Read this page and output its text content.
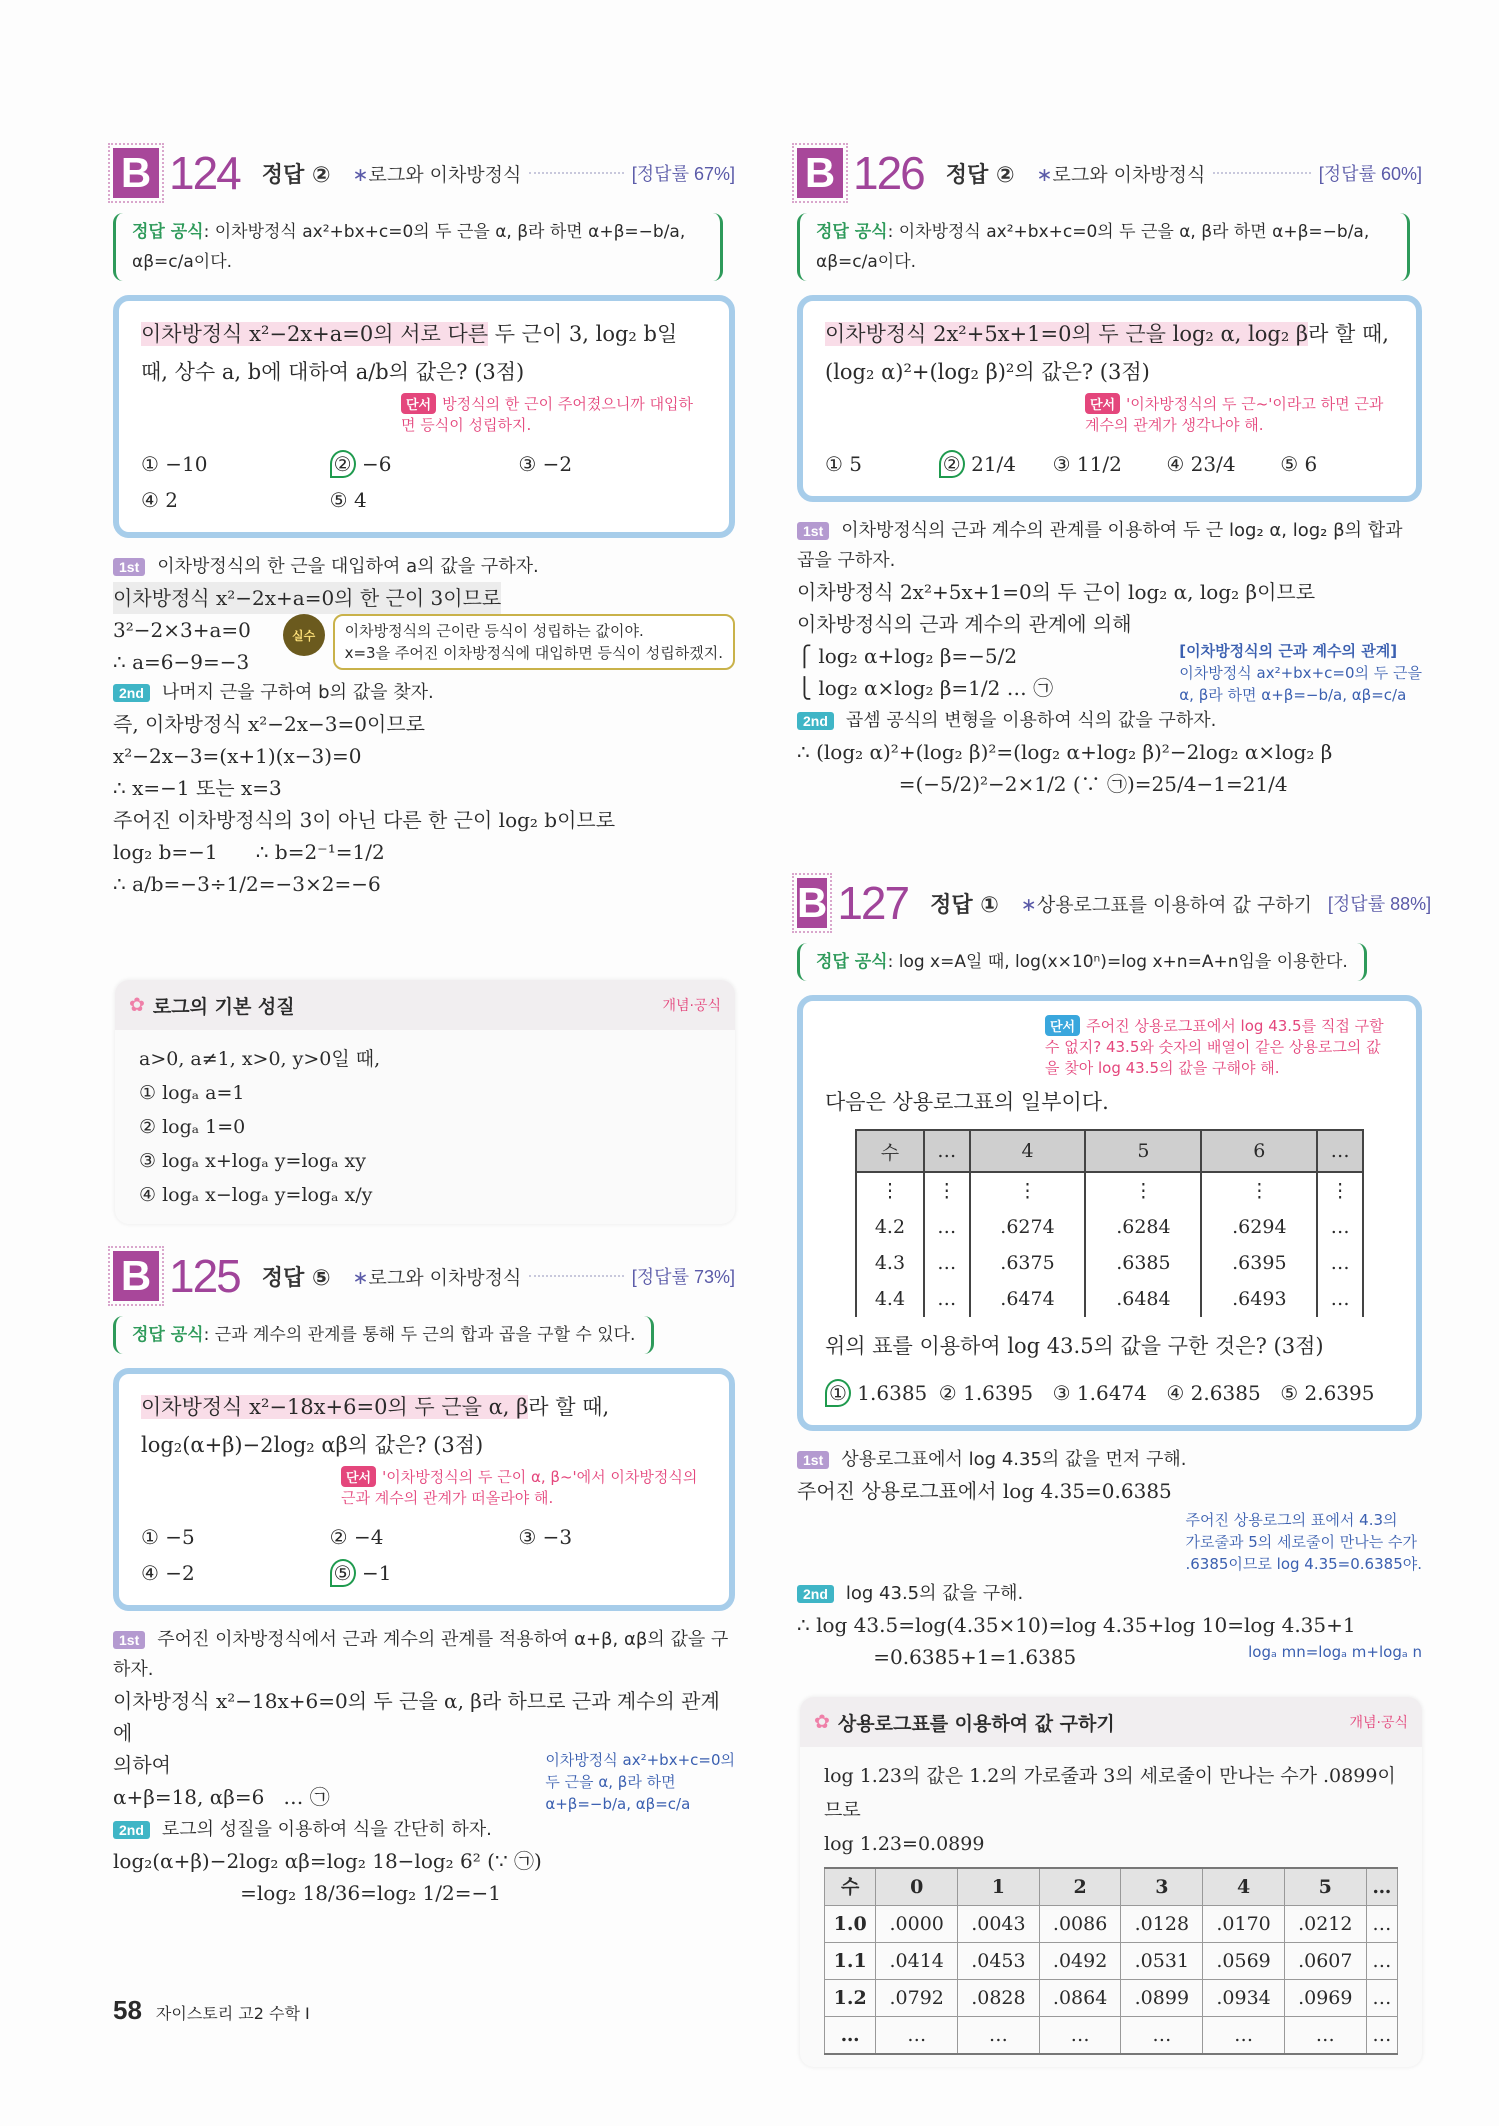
B 124 정답 ② ∗로그와 이차방정식	[정답률 67%]
정답 공식: 이차방정식 ax²+bx+c=0의 두 근을 α, β라 하면 α+β=−b/a, αβ=c/a이다.
이차방정식 x²−2x+a=0의 서로 다른 두 근이 3, log₂ b일 때, 상수 a, b에 대하여 a/b의 값은? (3점)
단서 방정식의 한 근이 주어졌으니까 대입하면 등식이 성립하지.
① −10	② −6	③ −2
④ 2	⑤ 4
1st 이차방정식의 한 근을 대입하여 a의 값을 구하자.
이차방정식 x²−2x+a=0의 한 근이 3이므로
3²−2×3+a=0
∴ a=6−9=−3
실수	이차방정식의 근이란 등식이 성립하는 값이야.
x=3을 주어진 이차방정식에 대입하면 등식이 성립하겠지.
2nd 나머지 근을 구하여 b의 값을 찾자.
즉, 이차방정식 x²−2x−3=0이므로
x²−2x−3=(x+1)(x−3)=0
∴ x=−1 또는 x=3
주어진 이차방정식의 3이 아닌 다른 한 근이 log₂ b이므로
log₂ b=−1      ∴ b=2⁻¹=1/2
∴ a/b=−3÷1/2=−3×2=−6
B 125 정답 ⑤ ∗로그와 이차방정식	[정답률 73%]
정답 공식: 근과 계수의 관계를 통해 두 근의 합과 곱을 구할 수 있다.
이차방정식 x²−18x+6=0의 두 근을 α, β라 할 때, log₂(α+β)−2log₂ αβ의 값은? (3점)
단서 '이차방정식의 두 근이 α, β~'에서 이차방정식의 근과 계수의 관계가 떠올라야 해.
① −5	② −4	③ −3
④ −2	⑤ −1
1st 주어진 이차방정식에서 근과 계수의 관계를 적용하여 α+β, αβ의 값을 구하자.
이차방정식 x²−18x+6=0의 두 근을 α, β라 하므로 근과 계수의 관계에
의하여
α+β=18, αβ=6   … ㉠
이차방정식 ax²+bx+c=0의
두 근을 α, β라 하면
α+β=−b/a, αβ=c/a
2nd 로그의 성질을 이용하여 식을 간단히 하자.
log₂(α+β)−2log₂ αβ=log₂ 18−log₂ 6² (∵ ㉠)
=log₂ 18/36=log₂ 1/2=−1
B 126 정답 ② ∗로그와 이차방정식	[정답률 60%]
정답 공식: 이차방정식 ax²+bx+c=0의 두 근을 α, β라 하면 α+β=−b/a, αβ=c/a이다.
이차방정식 2x²+5x+1=0의 두 근을 log₂ α, log₂ β라 할 때, (log₂ α)²+(log₂ β)²의 값은? (3점)
단서 '이차방정식의 두 근~'이라고 하면 근과 계수의 관계가 생각나야 해.
① 5	② 21/4	③ 11/2	④ 23/4	⑤ 6
1st 이차방정식의 근과 계수의 관계를 이용하여 두 근 log₂ α, log₂ β의 합과 곱을 구하자.
이차방정식 2x²+5x+1=0의 두 근이 log₂ α, log₂ β이므로
이차방정식의 근과 계수의 관계에 의해
⎧ log₂ α+log₂ β=−5/2
⎩ log₂ α×log₂ β=1/2 … ㉠
[이차방정식의 근과 계수의 관계]
이차방정식 ax²+bx+c=0의 두 근을
α, β라 하면 α+β=−b/a, αβ=c/a
2nd 곱셈 공식의 변형을 이용하여 식의 값을 구하자.
∴ (log₂ α)²+(log₂ β)²=(log₂ α+log₂ β)²−2log₂ α×log₂ β
=(−5/2)²−2×1/2 (∵ ㉠)=25/4−1=21/4
B 127 정답 ① ∗상용로그표를 이용하여 값 구하기 [정답률 88%]
정답 공식: log x=A일 때, log(x×10ⁿ)=log x+n=A+n임을 이용한다.
단서 주어진 상용로그표에서 log 43.5를 직접 구할 수 없지? 43.5와 숫자의 배열이 같은 상용로그의 값을 찾아 log 43.5의 값을 구해야 해.
다음은 상용로그표의 일부이다.
수	…	4	5	6	…
⋮	⋮	⋮	⋮	⋮	⋮
4.2	…	.6274	.6284	.6294	…
4.3	…	.6375	.6385	.6395	…
4.4	…	.6474	.6484	.6493	…
위의 표를 이용하여 log 43.5의 값을 구한 것은? (3점)
① 1.6385 ② 1.6395 ③ 1.6474 ④ 2.6385 ⑤ 2.6395
1st 상용로그표에서 log 4.35의 값을 먼저 구해.
주어진 상용로그표에서 log 4.35=0.6385
주어진 상용로그의 표에서 4.3의
가로줄과 5의 세로줄이 만나는 수가
.6385이므로 log 4.35=0.6385야.
2nd log 43.5의 값을 구해.
∴ log 43.5=log(4.35×10)=log 4.35+log 10=log 4.35+1
=0.6385+1=1.6385	logₐ mn=logₐ m+logₐ n
✿ 로그의 기본 성질	개념·공식
a>0, a≠1, x>0, y>0일 때,
① logₐ a=1
② logₐ 1=0
③ logₐ x+logₐ y=logₐ xy
④ logₐ x−logₐ y=logₐ x/y
✿ 상용로그표를 이용하여 값 구하기	개념·공식
log 1.23의 값은 1.2의 가로줄과 3의 세로줄이 만나는 수가 .0899이므로
log 1.23=0.0899
수	0	1	2	3	4	5	…
1.0	.0000	.0043	.0086	.0128	.0170	.0212	…
1.1	.0414	.0453	.0492	.0531	.0569	.0607	…
1.2	.0792	.0828	.0864	.0899	.0934	.0969	…
…	…	…	…	…	…	…	…
58 자이스토리 고2 수학 Ⅰ
